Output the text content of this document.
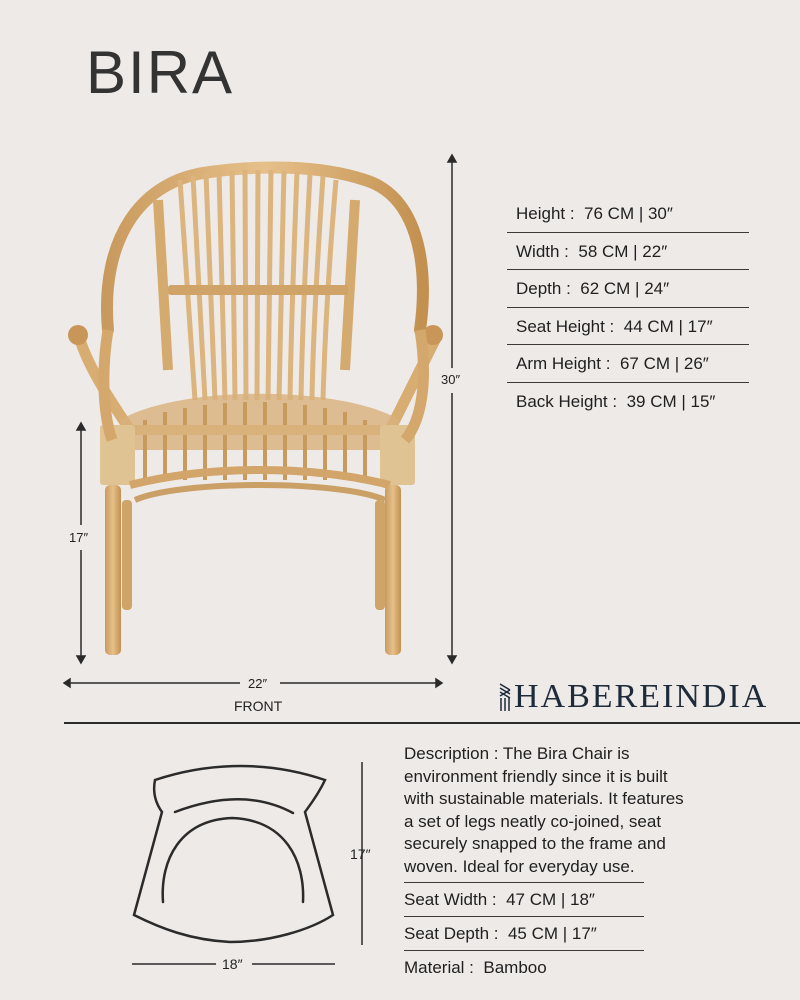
BIRA
30″
17″
22″
FRONT
Height : 76 CM | 30″
Width : 58 CM | 22″
Depth : 62 CM | 24″
Seat Height : 44 CM | 17″
Arm Height : 67 CM | 26″
Back Height : 39 CM | 15″
HABEREINDIA
17″
18″
Description : The Bira Chair is
environment friendly since it is built
with sustainable materials. It features
a set of legs neatly co-joined, seat
securely snapped to the frame and
woven. Ideal for everyday use.
Seat Width : 47 CM | 18″
Seat Depth : 45 CM | 17″
Material : Bamboo
